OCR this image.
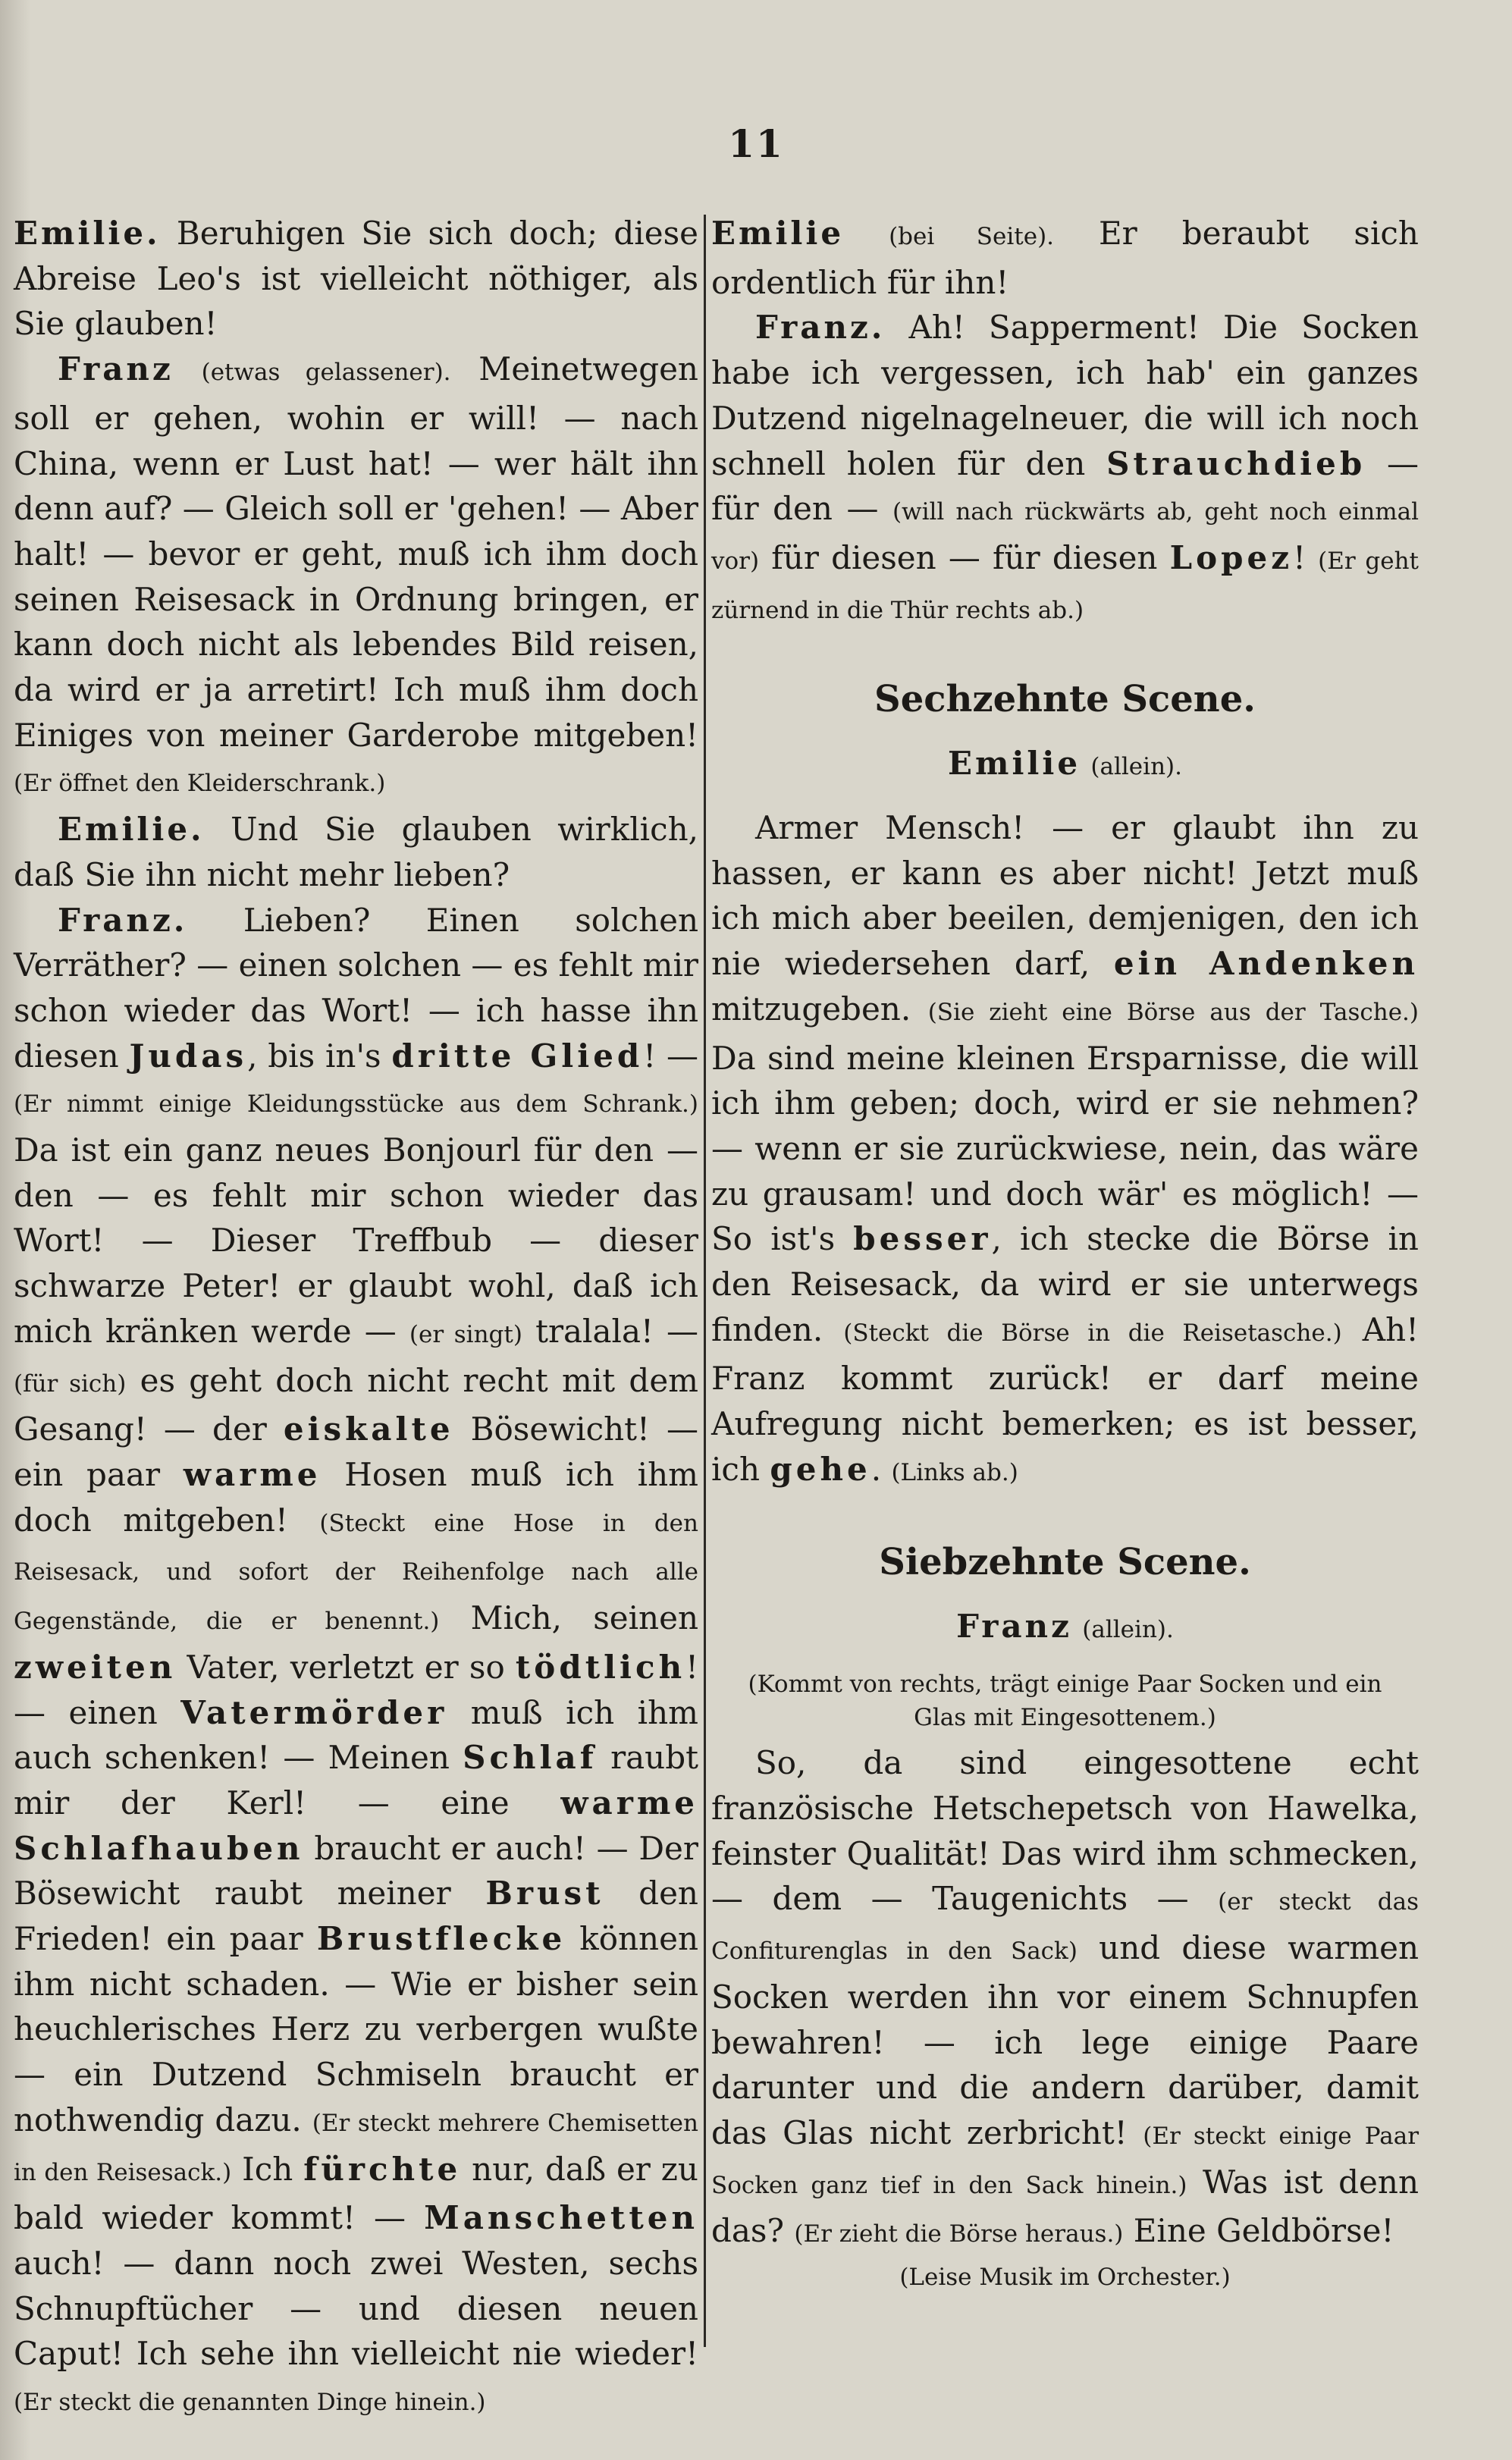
11

Emilie. Beruhigen Sie sich doch; diese Abreise Leo's ist vielleicht nöthiger, als Sie glauben!

Franz (etwas gelassener). Meinetwegen soll er gehen, wohin er will! — nach China, wenn er Lust hat! — wer hält ihn denn auf? — Gleich soll er 'gehen! — Aber halt! — bevor er geht, muß ich ihm doch seinen Reisesack in Ordnung bringen, er kann doch nicht als lebendes Bild reisen, da wird er ja arretirt! Ich muß ihm doch Einiges von meiner Garderobe mitgeben! (Er öffnet den Kleiderschrank.)

Emilie. Und Sie glauben wirklich, daß Sie ihn nicht mehr lieben?

Franz. Lieben? Einen solchen Verräther? — einen solchen — es fehlt mir schon wieder das Wort! — ich hasse ihn diesen Judas, bis in's dritte Glied! — (Er nimmt einige Kleidungsstücke aus dem Schrank.) Da ist ein ganz neues Bonjourl für den — den — es fehlt mir schon wieder das Wort! — Dieser Treffbub — dieser schwarze Peter! er glaubt wohl, daß ich mich kränken werde — (er singt) tralala! — (für sich) es geht doch nicht recht mit dem Gesang! — der eiskalte Bösewicht! — ein paar warme Hosen muß ich ihm doch mitgeben! (Steckt eine Hose in den Reisesack, und sofort der Reihenfolge nach alle Gegenstände, die er benennt.) Mich, seinen zweiten Vater, verletzt er so tödtlich! — einen Vatermörder muß ich ihm auch schenken! — Meinen Schlaf raubt mir der Kerl! — eine warme Schlafhauben braucht er auch! — Der Bösewicht raubt meiner Brust den Frieden! ein paar Brustflecke können ihm nicht schaden. — Wie er bisher sein heuchlerisches Herz zu verbergen wußte — ein Dutzend Schmiseln braucht er nothwendig dazu. (Er steckt mehrere Chemisetten in den Reisesack.) Ich fürchte nur, daß er zu bald wieder kommt! — Manschetten auch! — dann noch zwei Westen, sechs Schnupftücher — und diesen neuen Caput! Ich sehe ihn vielleicht nie wieder! (Er steckt die genannten Dinge hinein.)

Emilie (bei Seite). Er beraubt sich ordentlich für ihn!

Franz. Ah! Sapperment! Die Socken habe ich vergessen, ich hab' ein ganzes Dutzend nigelnagelneuer, die will ich noch schnell holen für den Strauchdieb — für den — (will nach rückwärts ab, geht noch einmal vor) für diesen — für diesen Lopez! (Er geht zürnend in die Thür rechts ab.)

Sechzehnte Scene.
Emilie (allein).

Armer Mensch! — er glaubt ihn zu hassen, er kann es aber nicht! Jetzt muß ich mich aber beeilen, demjenigen, den ich nie wiedersehen darf, ein Andenken mitzugeben. (Sie zieht eine Börse aus der Tasche.) Da sind meine kleinen Ersparnisse, die will ich ihm geben; doch, wird er sie nehmen? — wenn er sie zurückwiese, nein, das wäre zu grausam! und doch wär' es möglich! — So ist's besser, ich stecke die Börse in den Reisesack, da wird er sie unterwegs finden. (Steckt die Börse in die Reisetasche.) Ah! Franz kommt zurück! er darf meine Aufregung nicht bemerken; es ist besser, ich gehe. (Links ab.)

Siebzehnte Scene.
Franz (allein).
(Kommt von rechts, trägt einige Paar Socken und ein Glas mit Eingesottenem.)

So, da sind eingesottene echt französische Hetschepetsch von Hawelka, feinster Qualität! Das wird ihm schmecken, — dem — Taugenichts — (er steckt das Confiturenglas in den Sack) und diese warmen Socken werden ihn vor einem Schnupfen bewahren! — ich lege einige Paare darunter und die andern darüber, damit das Glas nicht zerbricht! (Er steckt einige Paar Socken ganz tief in den Sack hinein.) Was ist denn das? (Er zieht die Börse heraus.) Eine Geldbörse!

(Leise Musik im Orchester.)
